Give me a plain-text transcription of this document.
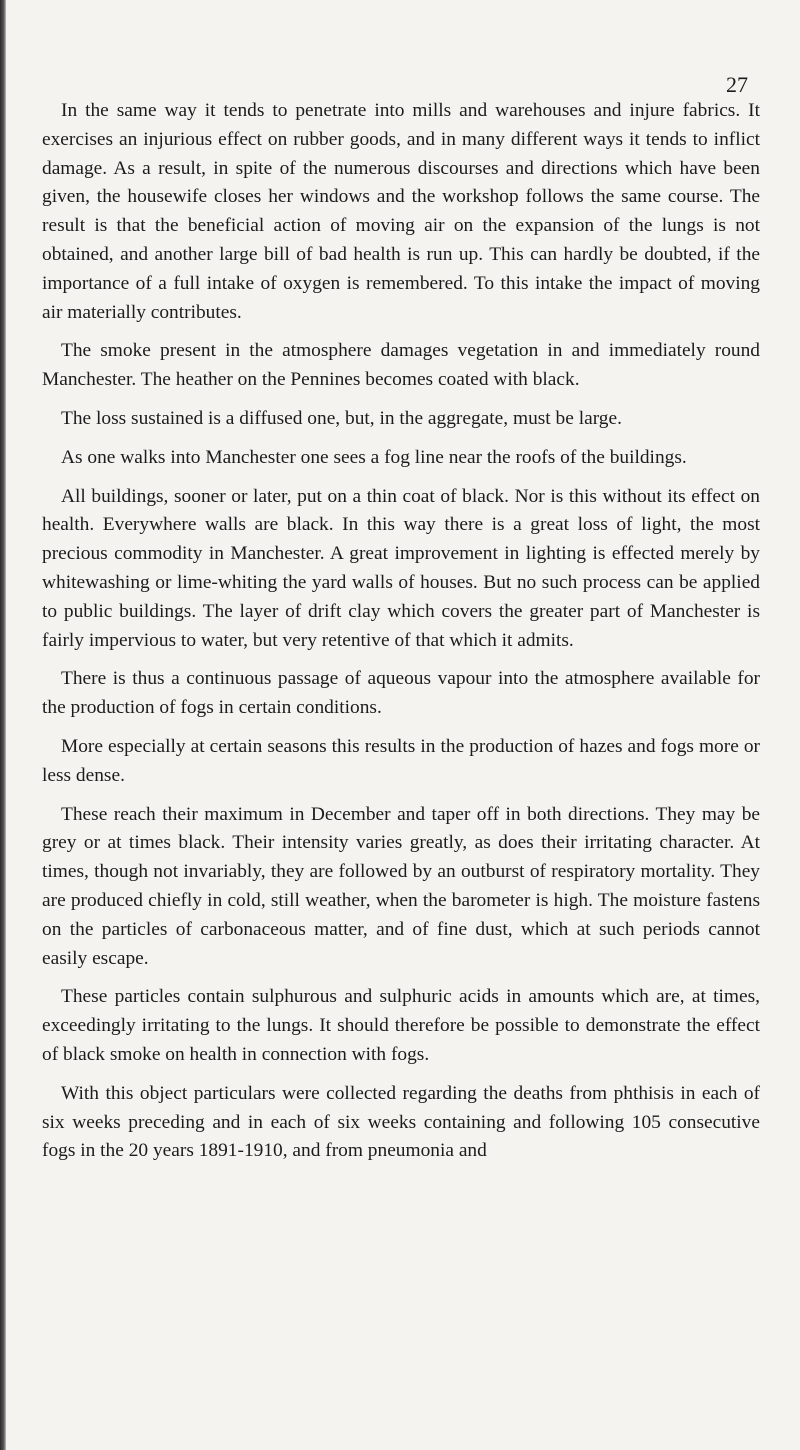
27

In the same way it tends to penetrate into mills and warehouses and injure fabrics. It exercises an injurious effect on rubber goods, and in many different ways it tends to inflict damage. As a result, in spite of the numerous discourses and directions which have been given, the housewife closes her windows and the workshop follows the same course. The result is that the beneficial action of moving air on the expansion of the lungs is not obtained, and another large bill of bad health is run up. This can hardly be doubted, if the importance of a full intake of oxygen is remembered. To this intake the impact of moving air materially contributes.

The smoke present in the atmosphere damages vegetation in and immediately round Manchester. The heather on the Pennines becomes coated with black.

The loss sustained is a diffused one, but, in the aggregate, must be large.

As one walks into Manchester one sees a fog line near the roofs of the buildings.

All buildings, sooner or later, put on a thin coat of black. Nor is this without its effect on health. Everywhere walls are black. In this way there is a great loss of light, the most precious commodity in Manchester. A great improvement in lighting is effected merely by whitewashing or lime-whiting the yard walls of houses. But no such process can be applied to public buildings. The layer of drift clay which covers the greater part of Manchester is fairly impervious to water, but very retentive of that which it admits.

There is thus a continuous passage of aqueous vapour into the atmosphere available for the production of fogs in certain conditions.

More especially at certain seasons this results in the production of hazes and fogs more or less dense.

These reach their maximum in December and taper off in both directions. They may be grey or at times black. Their intensity varies greatly, as does their irritating character. At times, though not invariably, they are followed by an outburst of respiratory mortality. They are produced chiefly in cold, still weather, when the barometer is high. The moisture fastens on the particles of carbonaceous matter, and of fine dust, which at such periods cannot easily escape.

These particles contain sulphurous and sulphuric acids in amounts which are, at times, exceedingly irritating to the lungs. It should therefore be possible to demonstrate the effect of black smoke on health in connection with fogs.

With this object particulars were collected regarding the deaths from phthisis in each of six weeks preceding and in each of six weeks containing and following 105 consecutive fogs in the 20 years 1891-1910, and from pneumonia and
